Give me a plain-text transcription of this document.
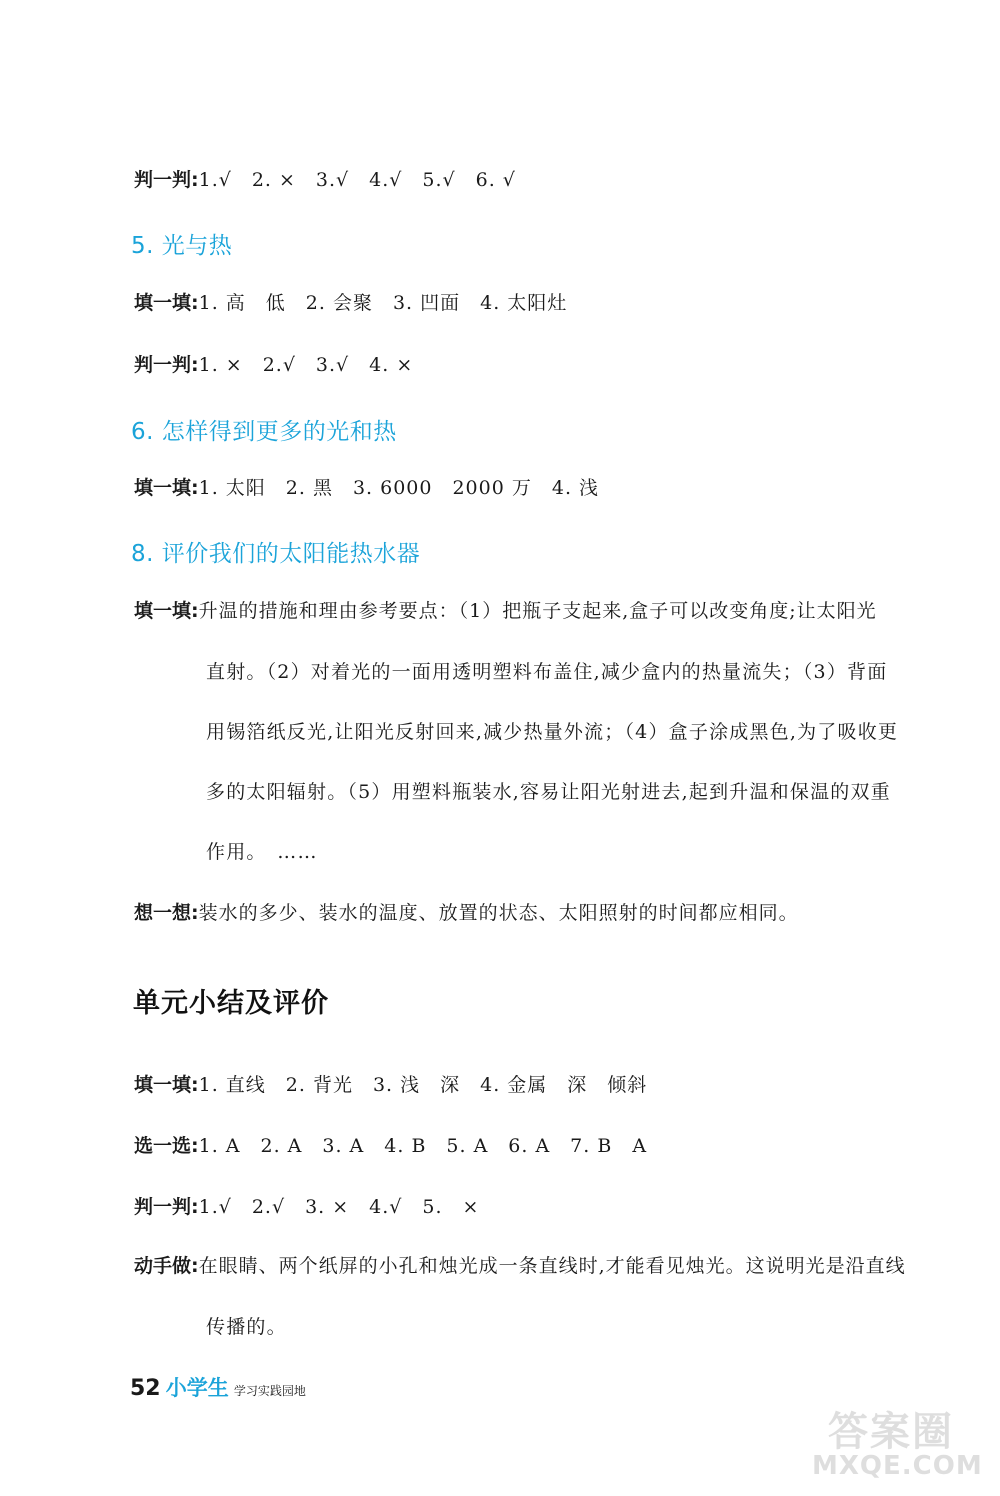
判一判:1.√　2. ×　3.√　4.√　5.√　6. √
5. 光与热
填一填:1. 高　低　2. 会聚　3. 凹面　4. 太阳灶
判一判:1. ×　2.√　3.√　4. ×
6. 怎样得到更多的光和热
填一填:1. 太阳　2. 黑　3. 6000　2000 万　4. 浅
8. 评价我们的太阳能热水器
填一填:升温的措施和理由参考要点：（1）把瓶子支起来,盒子可以改变角度;让太阳光
直射。（2）对着光的一面用透明塑料布盖住,减少盒内的热量流失；（3）背面
用锡箔纸反光,让阳光反射回来,减少热量外流；（4）盒子涂成黑色,为了吸收更
多的太阳辐射。（5）用塑料瓶装水,容易让阳光射进去,起到升温和保温的双重
作用。　……
想一想:装水的多少、装水的温度、放置的状态、太阳照射的时间都应相同。
单元小结及评价
填一填:1. 直线　2. 背光　3. 浅　深　4. 金属　深　倾斜
选一选:1. A　2. A　3. A　4. B　5. A　6. A　7. B　A
判一判:1.√　2.√　3. ×　4.√　5.　×
动手做:在眼睛、两个纸屏的小孔和烛光成一条直线时,才能看见烛光。这说明光是沿直线
传播的。
52 小学生 学习实践园地
答案圈
MXQE.COM
